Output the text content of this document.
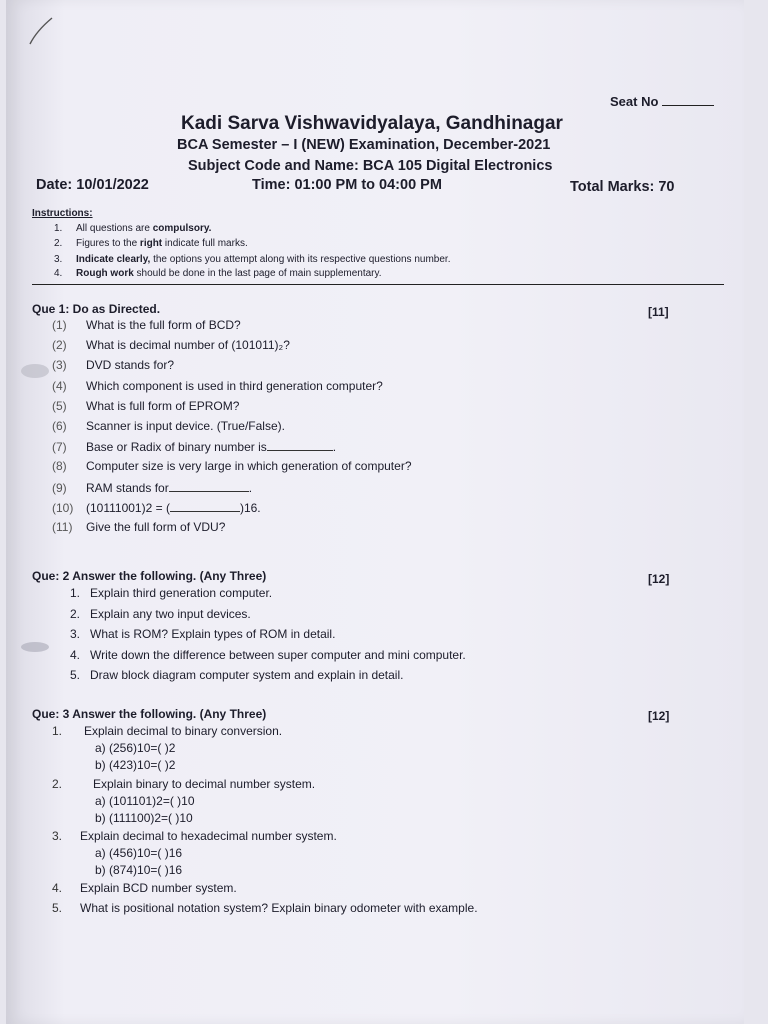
Seat No
Kadi Sarva Vishwavidyalaya, Gandhinagar
BCA Semester – I (NEW) Examination, December-2021
Subject Code and Name: BCA 105 Digital Electronics
Date: 10/01/2022	Time: 01:00 PM to 04:00 PM	Total Marks: 70
Instructions:
1. All questions are compulsory.
2. Figures to the right indicate full marks.
3. Indicate clearly, the options you attempt along with its respective questions number.
4. Rough work should be done in the last page of main supplementary.
Que 1: Do as Directed.	[11]
(1) What is the full form of BCD?
(2) What is decimal number of (101011)₂?
(3) DVD stands for?
(4) Which component is used in third generation computer?
(5) What is full form of EPROM?
(6) Scanner is input device. (True/False).
(7) Base or Radix of binary number is	.
(8) Computer size is very large in which generation of computer?
(9) RAM stands for	.
(10) (10111001)2 = (	)16.
(11) Give the full form of VDU?
Que: 2 Answer the following. (Any Three)	[12]
1. Explain third generation computer.
2. Explain any two input devices.
3. What is ROM? Explain types of ROM in detail.
4. Write down the difference between super computer and mini computer.
5. Draw block diagram computer system and explain in detail.
Que: 3 Answer the following. (Any Three)	[12]
1. Explain decimal to binary conversion.
a) (256)10=( )2
b) (423)10=( )2
2.	Explain binary to decimal number system.
a) (101101)2=( )10
b) (111100)2=( )10
3. Explain decimal to hexadecimal number system.
a) (456)10=( )16
b) (874)10=( )16
4. Explain BCD number system.
5. What is positional notation system? Explain binary odometer with example.
